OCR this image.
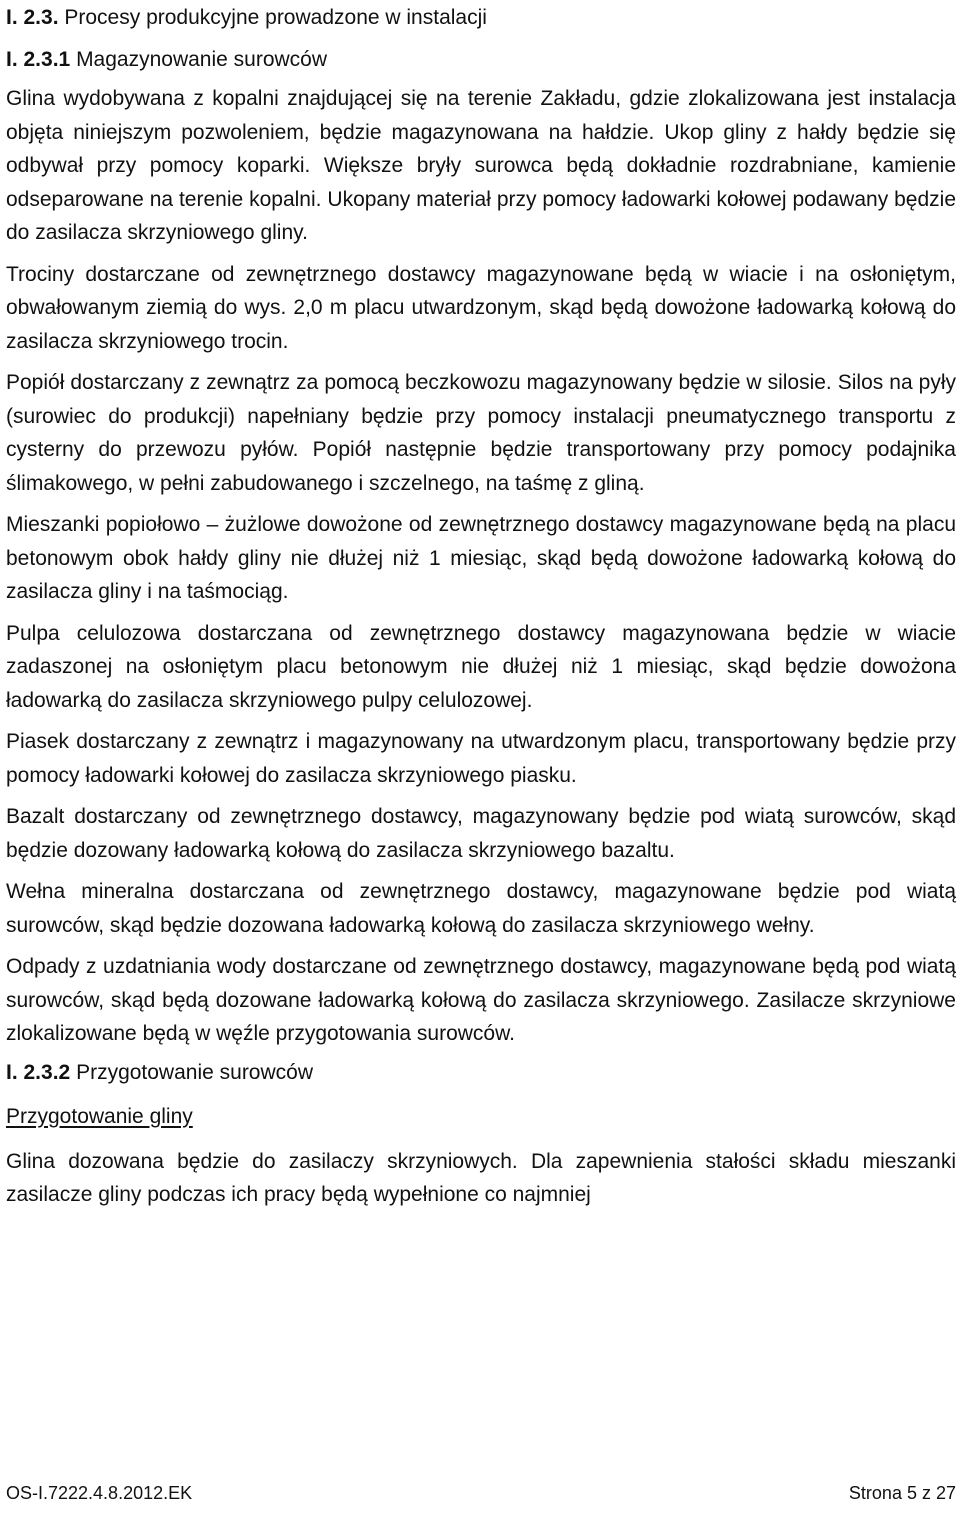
I. 2.3. Procesy produkcyjne prowadzone w instalacji

I. 2.3.1 Magazynowanie surowców

Glina wydobywana z kopalni znajdującej się na terenie Zakładu, gdzie zlokalizowana jest instalacja objęta niniejszym pozwoleniem, będzie magazynowana na hałdzie. Ukop gliny z hałdy będzie się odbywał przy pomocy koparki. Większe bryły surowca będą dokładnie rozdrabniane, kamienie odseparowane na terenie kopalni. Ukopany materiał przy pomocy ładowarki kołowej podawany będzie do zasilacza skrzyniowego gliny.

Trociny dostarczane od zewnętrznego dostawcy magazynowane będą w wiacie i na osłoniętym, obwałowanym ziemią do wys. 2,0 m placu utwardzonym, skąd będą dowożone ładowarką kołową do zasilacza skrzyniowego trocin.

Popiół dostarczany z zewnątrz za pomocą beczkowozu magazynowany będzie w silosie. Silos na pyły (surowiec do produkcji) napełniany będzie przy pomocy instalacji pneumatycznego transportu z cysterny do przewozu pyłów. Popiół następnie będzie transportowany przy pomocy podajnika ślimakowego, w pełni zabudowanego i szczelnego, na taśmę z gliną.

Mieszanki popiołowo – żużlowe dowożone od zewnętrznego dostawcy magazynowane będą na placu betonowym obok hałdy gliny nie dłużej niż 1 miesiąc, skąd będą dowożone ładowarką kołową do zasilacza gliny i na taśmociąg.

Pulpa celulozowa dostarczana od zewnętrznego dostawcy magazynowana będzie w wiacie zadaszonej na osłoniętym placu betonowym nie dłużej niż 1 miesiąc, skąd będzie dowożona ładowarką do zasilacza skrzyniowego pulpy celulozowej.

Piasek dostarczany z zewnątrz i magazynowany na utwardzonym placu, transportowany będzie przy pomocy ładowarki kołowej do zasilacza skrzyniowego piasku.

Bazalt dostarczany od zewnętrznego dostawcy, magazynowany będzie pod wiatą surowców, skąd będzie dozowany ładowarką kołową do zasilacza skrzyniowego bazaltu.

Wełna mineralna dostarczana od zewnętrznego dostawcy, magazynowane będzie pod wiatą surowców, skąd będzie dozowana ładowarką kołową do zasilacza skrzyniowego wełny.

Odpady z uzdatniania wody dostarczane od zewnętrznego dostawcy, magazynowane będą pod wiatą surowców, skąd będą dozowane ładowarką kołową do zasilacza skrzyniowego. Zasilacze skrzyniowe zlokalizowane będą w węźle przygotowania surowców.

I. 2.3.2 Przygotowanie surowców

Przygotowanie gliny

Glina dozowana będzie do zasilaczy skrzyniowych. Dla zapewnienia stałości składu mieszanki zasilacze gliny podczas ich pracy będą wypełnione co najmniej

OS-I.7222.4.8.2012.EK	Strona 5 z 27
